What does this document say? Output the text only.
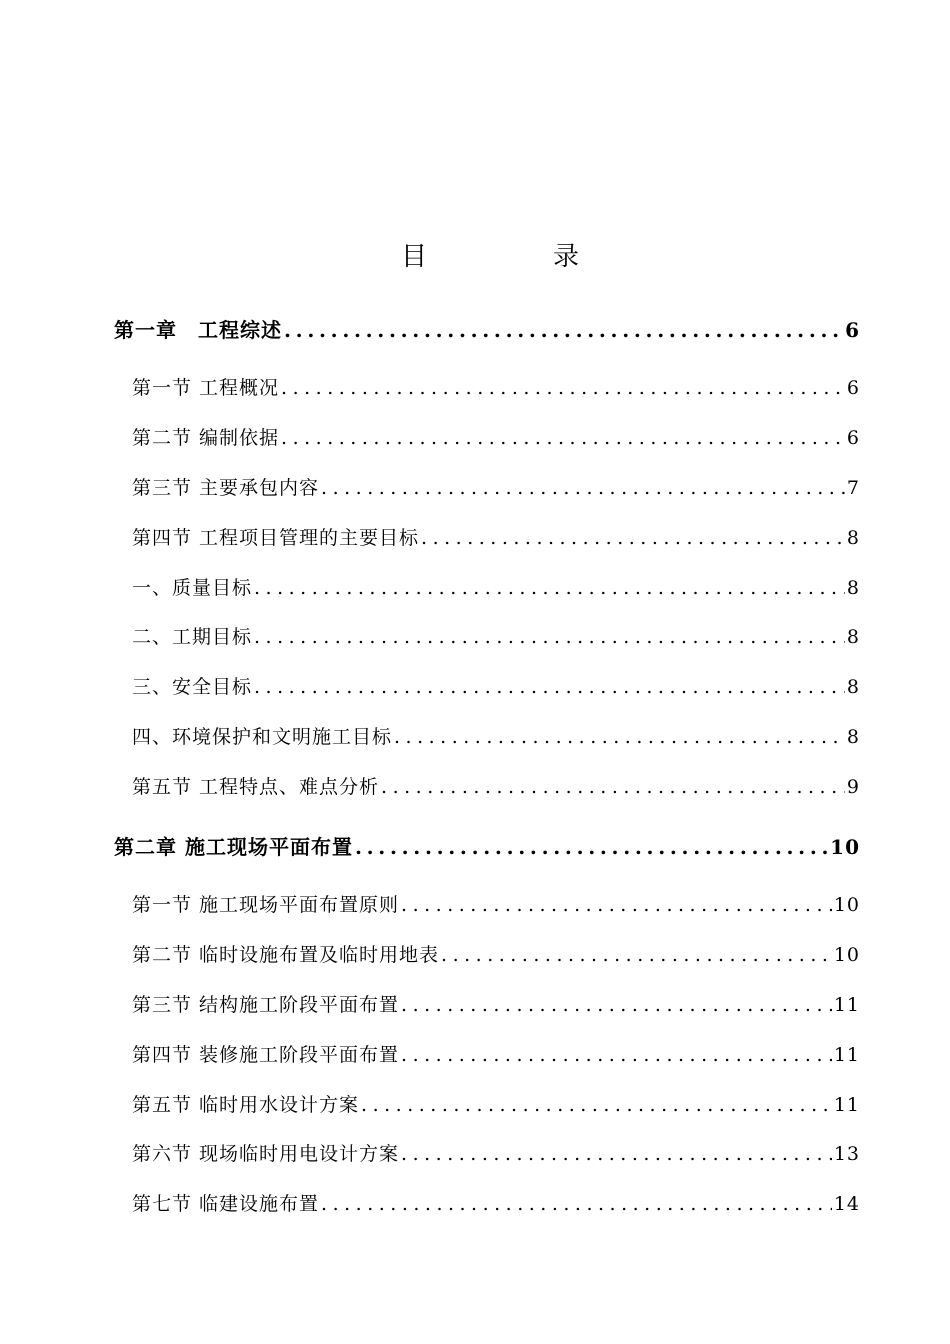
目　录
第一章　工程综述 .....	6
第一节 工程概况 .....	6
第二节 编制依据 .....	6
第三节 主要承包内容 .....	7
第四节 工程项目管理的主要目标 .....	8
一、质量目标 .....	8
二、工期目标 .....	8
三、安全目标 .....	8
四、环境保护和文明施工目标 .....	8
第五节 工程特点、难点分析 .....	9
第二章 施工现场平面布置 .....	10
第一节 施工现场平面布置原则 .....	10
第二节 临时设施布置及临时用地表 .....	10
第三节 结构施工阶段平面布置 .....	11
第四节 装修施工阶段平面布置 .....	11
第五节 临时用水设计方案 .....	11
第六节 现场临时用电设计方案 .....	13
第七节 临建设施布置 .....	14
